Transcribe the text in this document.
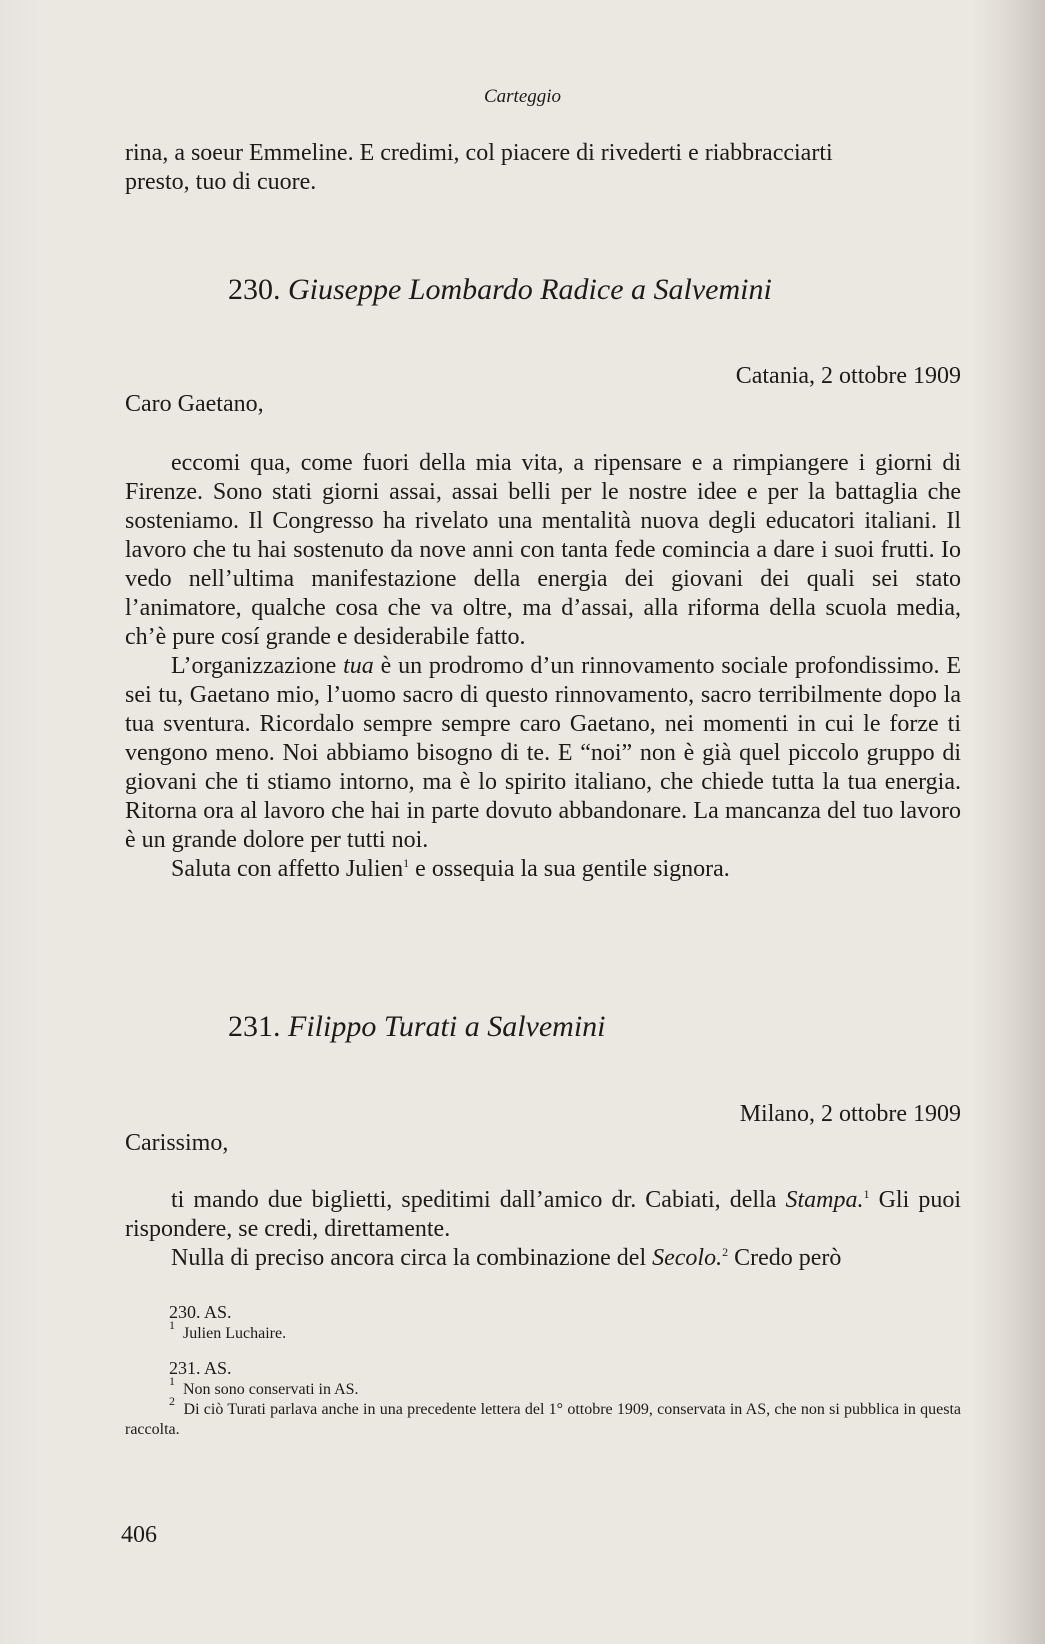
Carteggio

rina, a soeur Emmeline. E credimi, col piacere di rivederti e riabbracciarti

presto, tuo di cuore.

230. Giuseppe Lombardo Radice a Salvemini
Catania, 2 ottobre 1909
Caro Gaetano,

eccomi qua, come fuori della mia vita, a ripensare e a rimpiangere i giorni di Firenze. Sono stati giorni assai, assai belli per le nostre idee e per la battaglia che sosteniamo. Il Congresso ha rivelato una mentalità nuova degli educatori italiani. Il lavoro che tu hai sostenuto da nove anni con tanta fede comincia a dare i suoi frutti. Io vedo nell’ultima manifestazione della energia dei giovani dei quali sei stato l’animatore, qualche cosa che va oltre, ma d’assai, alla riforma della scuola media, ch’è pure cosí grande e desiderabile fatto.

L’organizzazione tua è un prodromo d’un rinnovamento sociale profondissimo. E sei tu, Gaetano mio, l’uomo sacro di questo rinnovamento, sacro terribilmente dopo la tua sventura. Ricordalo sempre sempre caro Gaetano, nei momenti in cui le forze ti vengono meno. Noi abbiamo bisogno di te. E “noi” non è già quel piccolo gruppo di giovani che ti stiamo intorno, ma è lo spirito italiano, che chiede tutta la tua energia. Ritorna ora al lavoro che hai in parte dovuto abbandonare. La mancanza del tuo lavoro è un grande dolore per tutti noi.

Saluta con affetto Julien$^1$ e ossequia la sua gentile signora.

231. Filippo Turati a Salvemini
Milano, 2 ottobre 1909
Carissimo,

ti mando due biglietti, speditimi dall’amico dr. Cabiati, della Stampa.$^1$ Gli puoi rispondere, se credi, direttamente.

Nulla di preciso ancora circa la combinazione del Secolo.$^2$ Credo però

230. AS.

$^1$ Julien Luchaire.

231. AS.

$^1$ Non sono conservati in AS.

$^2$ Di ciò Turati parlava anche in una precedente lettera del 1° ottobre 1909, conservata in AS, che non si pubblica in questa raccolta.

406
